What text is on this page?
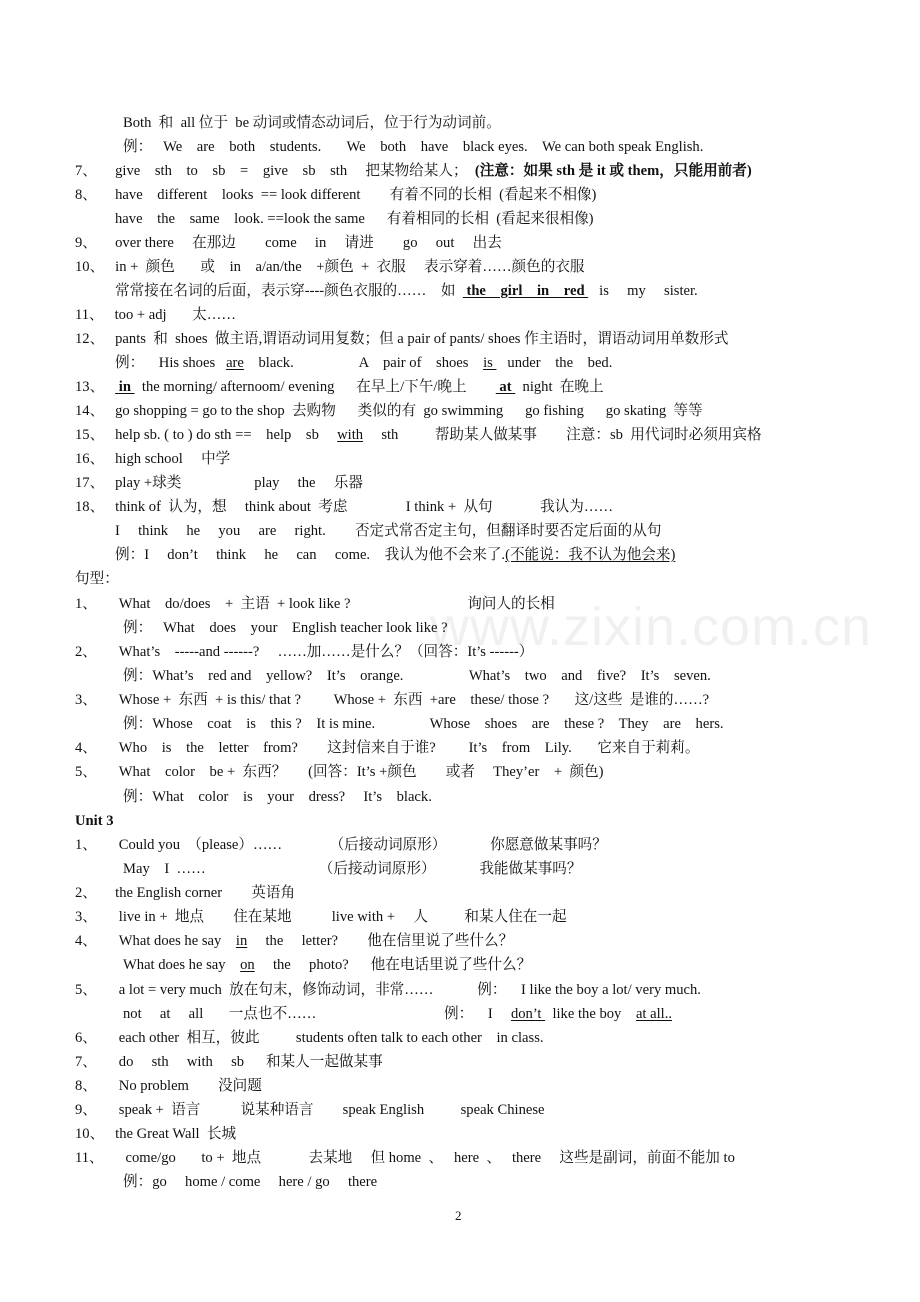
www.zixin.com.cn
Both  和  all 位于  be 动词或情态动词后，位于行为动词前。
例：   We    are    both    students.       We    both    have    black eyes.    We can both speak English.
7、     give    sth    to    sb    =    give    sb    sth     把某物给某人；  (注意：如果 sth 是 it 或 them，只能用前者)
8、     have    different    looks  == look different        有着不同的长相  (看起来不相像)
have    the    same    look. ==look the same      有着相同的长相  (看起来很相像)
9、     over there     在那边        come     in     请进        go     out     出去
10、   in +  颜色       或    in    a/an/the    +颜色  +  衣服     表示穿着……颜色的衣服
常常接在名词的后面，表示穿----颜色衣服的……    如   the    girl    in    red    is     my     sister.
11、   too + adj       太……
12、   pants  和  shoes  做主语,谓语动词用复数；但 a pair of pants/ shoes 作主语时，谓语动词用单数形式
例：    His shoes   are    black.                  A    pair of    shoes    is    under    the    bed.
13、    in   the morning/ afternoom/ evening      在早上/下午/晚上         at   night  在晚上
14、   go shopping = go to the shop  去购物      类似的有  go swimming      go fishing      go skating  等等
15、   help sb. ( to ) do sth ==    help    sb     with     sth          帮助某人做某事        注意：sb  用代词时必须用宾格
16、   high school     中学
17、   play +球类                    play     the     乐器
18、   think of  认为，想     think about  考虑                I think +  从句             我认为……
I     think     he     you     are     right.        否定式常否定主句，但翻译时要否定后面的从句
例：I     don’t     think     he     can     come.    我认为他不会来了.(不能说：我不认为他会来)
句型：
1、      What    do/does    +  主语  + look like ?                                询问人的长相
例：   What    does    your    English teacher look like ?
2、      What’s    -----and ------?     ……加……是什么？（回答：It’s ------）
例：What’s    red and    yellow?    It’s    orange.                  What’s    two    and    five?    It’s    seven.
3、      Whose +  东西  + is this/ that ?         Whose +  东西  +are    these/ those ?       这/这些  是谁的……?
例：Whose    coat    is    this ?    It is mine.               Whose    shoes    are    these ?    They    are    hers.
4、      Who    is    the    letter    from?        这封信来自于谁?         It’s    from    Lily.       它来自于莉莉。
5、      What    color    be +  东西？      (回答：It’s +颜色        或者     They’er    +  颜色)
例：What    color    is    your    dress?     It’s    black.
Unit 3
1、      Could you  （please）……             （后接动词原形）            你愿意做某事吗？
May    I  ……                               （后接动词原形）            我能做某事吗？
2、     the English corner        英语角
3、      live in +  地点        住在某地           live with +     人          和某人住在一起
4、      What does he say    in     the     letter?        他在信里说了些什么？
What does he say    on     the     photo?      他在电话里说了些什么？
5、      a lot = very much  放在句末，修饰动词，非常……            例：    I like the boy a lot/ very much.
not     at     all       一点也不……                                   例：    I     don’t   like the boy    at all..
6、      each other  相互，彼此          students often talk to each other    in class.
7、      do     sth     with     sb      和某人一起做某事
8、      No problem        没问题
9、      speak +  语言           说某种语言        speak English          speak Chinese
10、   the Great Wall  长城
11、      come/go       to +  地点             去某地     但 home  、   here  、   there     这些是副词，前面不能加 to
例：go     home / come     here / go     there
2
